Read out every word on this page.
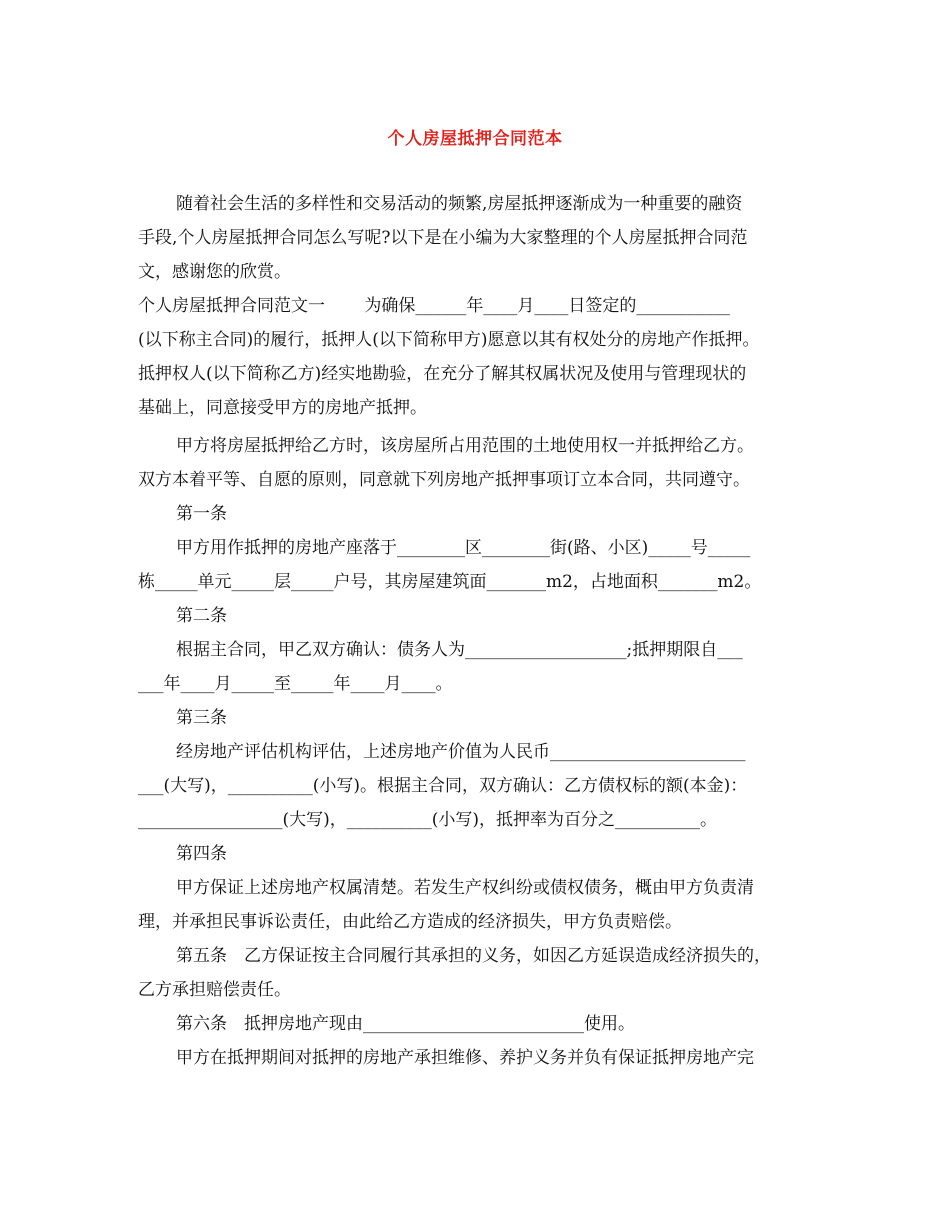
个人房屋抵押合同范本
随着社会生活的多样性和交易活动的频繁,房屋抵押逐渐成为一种重要的融资
手段,个人房屋抵押合同怎么写呢?以下是在小编为大家整理的个人房屋抵押合同范
文，感谢您的欣赏。
个人房屋抵押合同范文一　　 为确保______年____月____日签定的___________
(以下称主合同)的履行，抵押人(以下简称甲方)愿意以其有权处分的房地产作抵押。
抵押权人(以下简称乙方)经实地勘验，在充分了解其权属状况及使用与管理现状的
基础上，同意接受甲方的房地产抵押。
甲方将房屋抵押给乙方时，该房屋所占用范围的土地使用权一并抵押给乙方。
双方本着平等、自愿的原则，同意就下列房地产抵押事项订立本合同，共同遵守。
第一条
甲方用作抵押的房地产座落于________区________街(路、小区)_____号_____
栋_____单元_____层_____户号，其房屋建筑面_______m2，占地面积_______m2。
第二条
根据主合同，甲乙双方确认：债务人为___________________;抵押期限自___
___年____月_____至_____年____月____。
第三条
经房地产评估机构评估，上述房地产价值为人民币_______________________
___(大写)，__________(小写)。根据主合同，双方确认：乙方债权标的额(本金)：
_________________(大写)，__________(小写)，抵押率为百分之__________。
第四条
甲方保证上述房地产权属清楚。若发生产权纠纷或债权债务，概由甲方负责清
理，并承担民事诉讼责任，由此给乙方造成的经济损失，甲方负责赔偿。
第五条　乙方保证按主合同履行其承担的义务，如因乙方延误造成经济损失的，
乙方承担赔偿责任。
第六条　抵押房地产现由__________________________使用。
甲方在抵押期间对抵押的房地产承担维修、养护义务并负有保证抵押房地产完
